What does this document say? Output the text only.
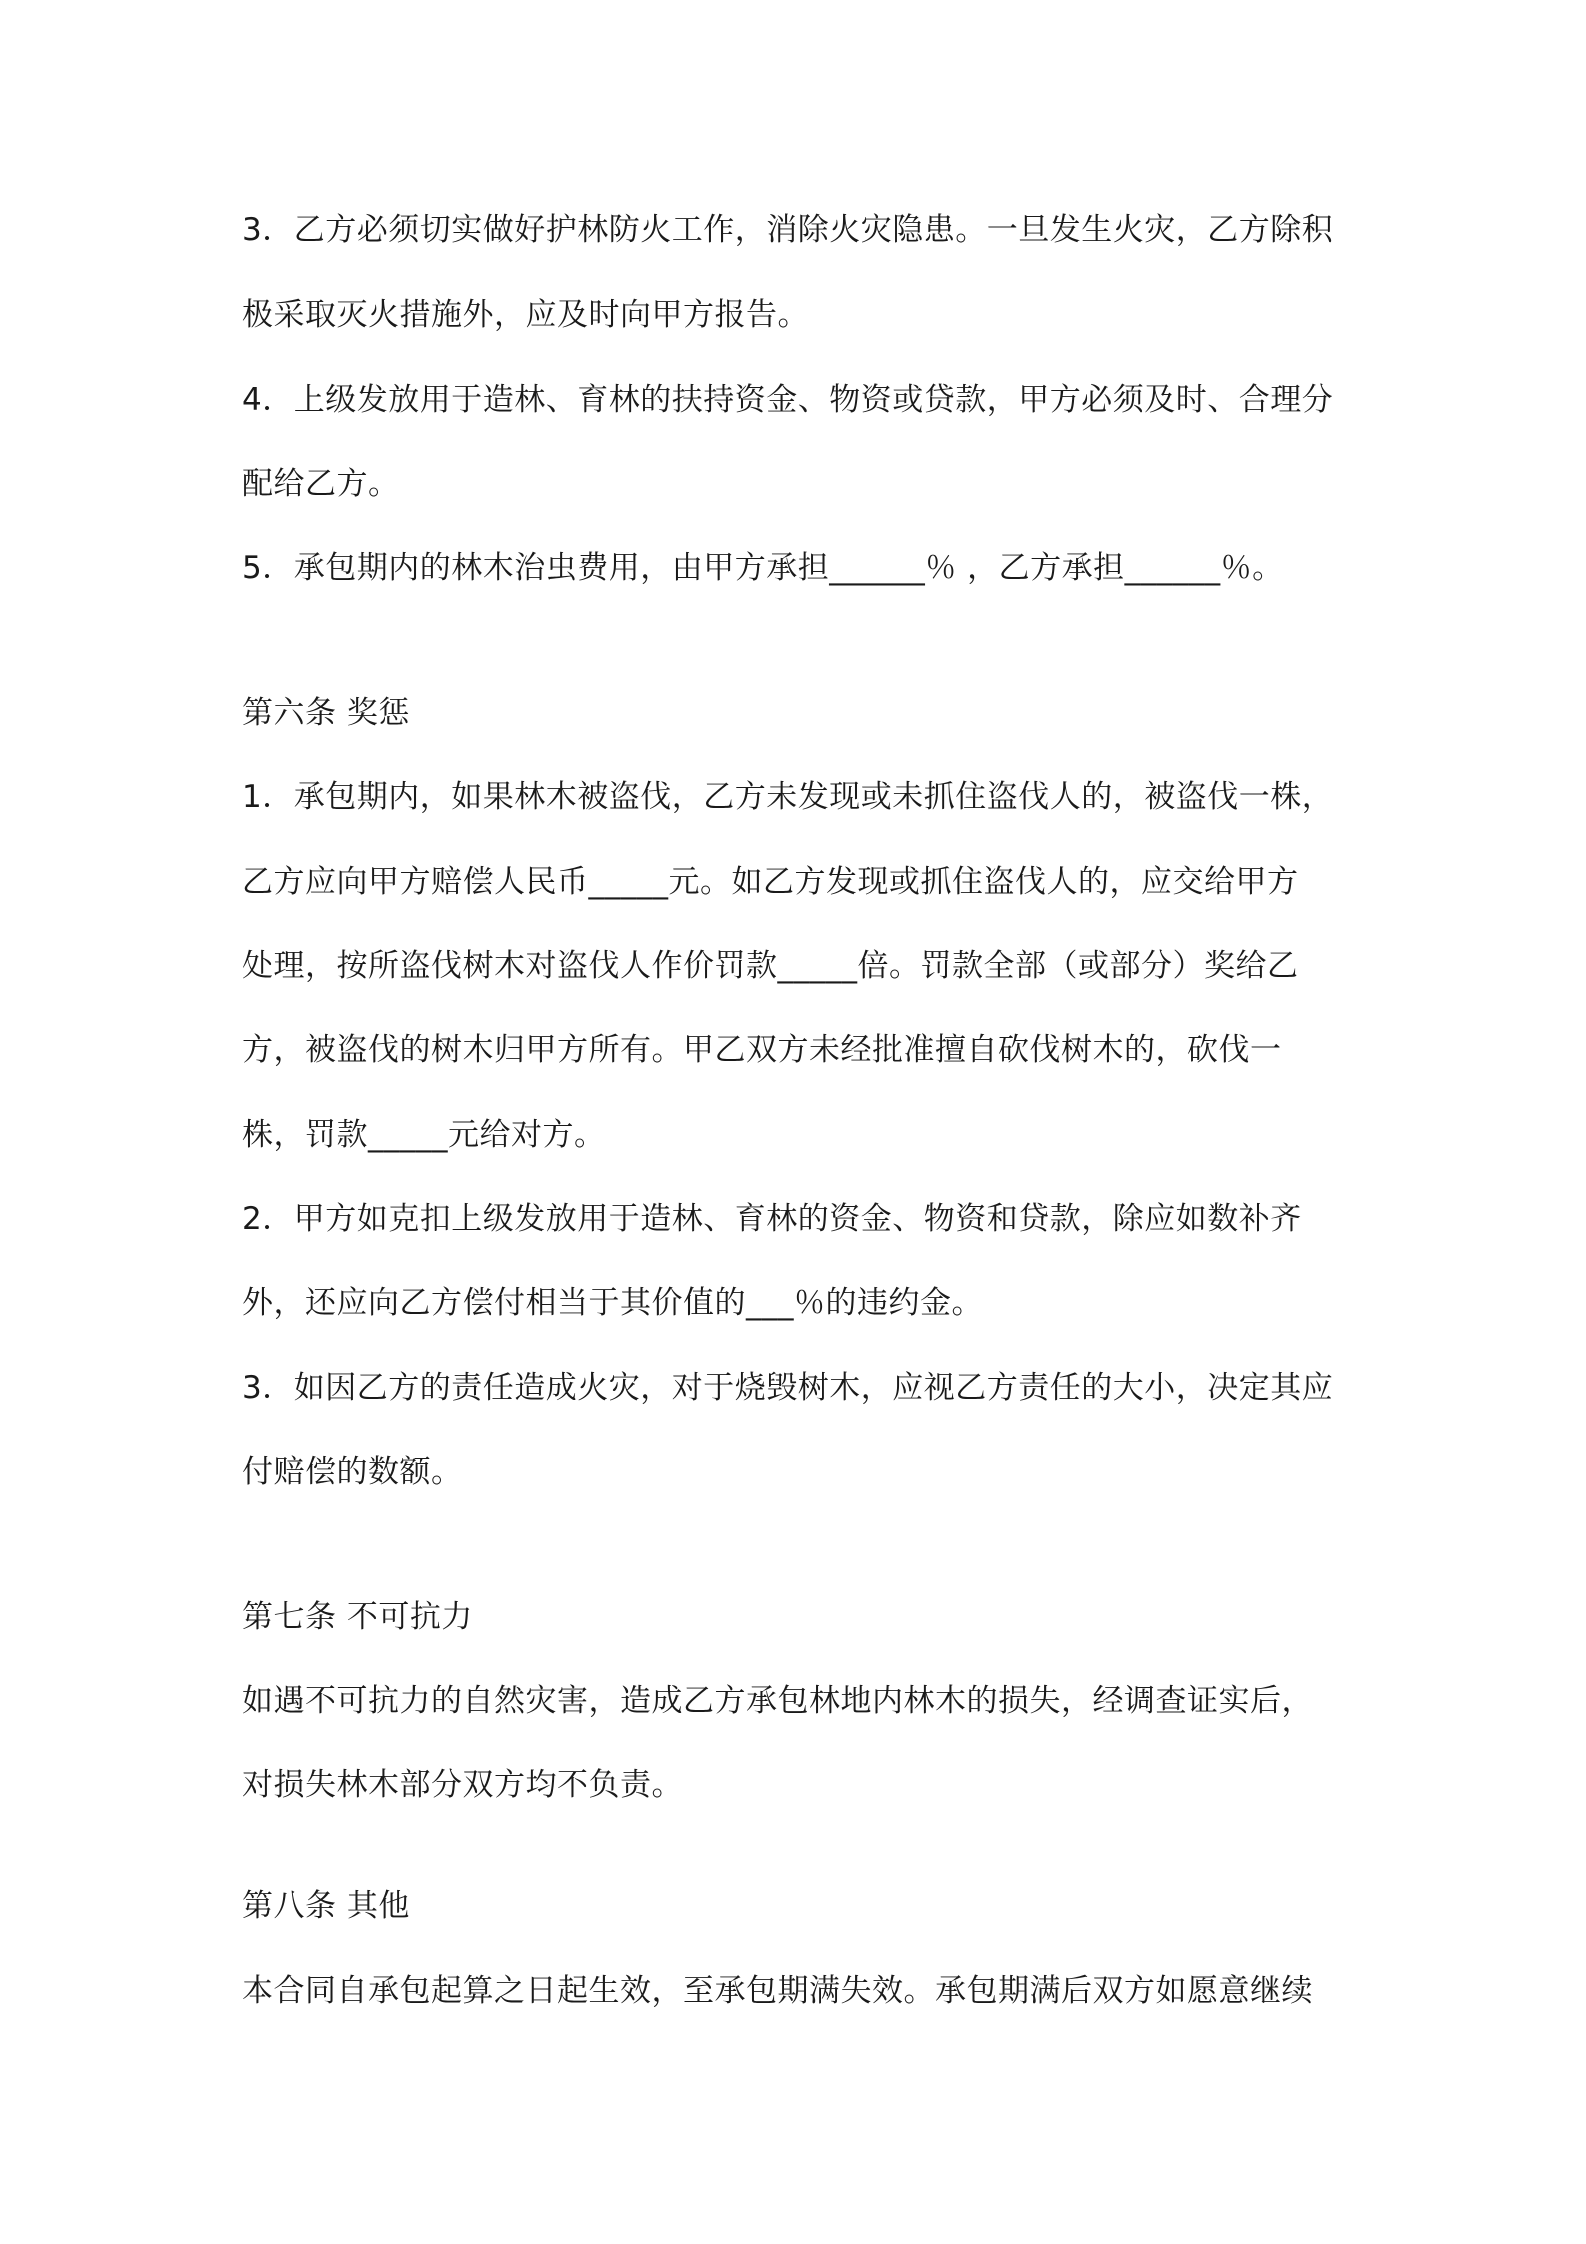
3．乙方必须切实做好护林防火工作，消除火灾隐患。一旦发生火灾，乙方除积
极采取灭火措施外，应及时向甲方报告。
4．上级发放用于造林、育林的扶持资金、物资或贷款，甲方必须及时、合理分
配给乙方。
5．承包期内的林木治虫费用，由甲方承担______％ ，乙方承担______％。
第六条 奖惩
1．承包期内，如果林木被盗伐，乙方未发现或未抓住盗伐人的，被盗伐一株，
乙方应向甲方赔偿人民币_____元。如乙方发现或抓住盗伐人的，应交给甲方
处理，按所盗伐树木对盗伐人作价罚款_____倍。罚款全部（或部分）奖给乙
方，被盗伐的树木归甲方所有。甲乙双方未经批准擅自砍伐树木的，砍伐一
株，罚款_____元给对方。
2．甲方如克扣上级发放用于造林、育林的资金、物资和贷款，除应如数补齐
外，还应向乙方偿付相当于其价值的___％的违约金。
3．如因乙方的责任造成火灾，对于烧毁树木，应视乙方责任的大小，决定其应
付赔偿的数额。
第七条 不可抗力
如遇不可抗力的自然灾害，造成乙方承包林地内林木的损失，经调查证实后，
对损失林木部分双方均不负责。
第八条 其他
本合同自承包起算之日起生效，至承包期满失效。承包期满后双方如愿意继续
